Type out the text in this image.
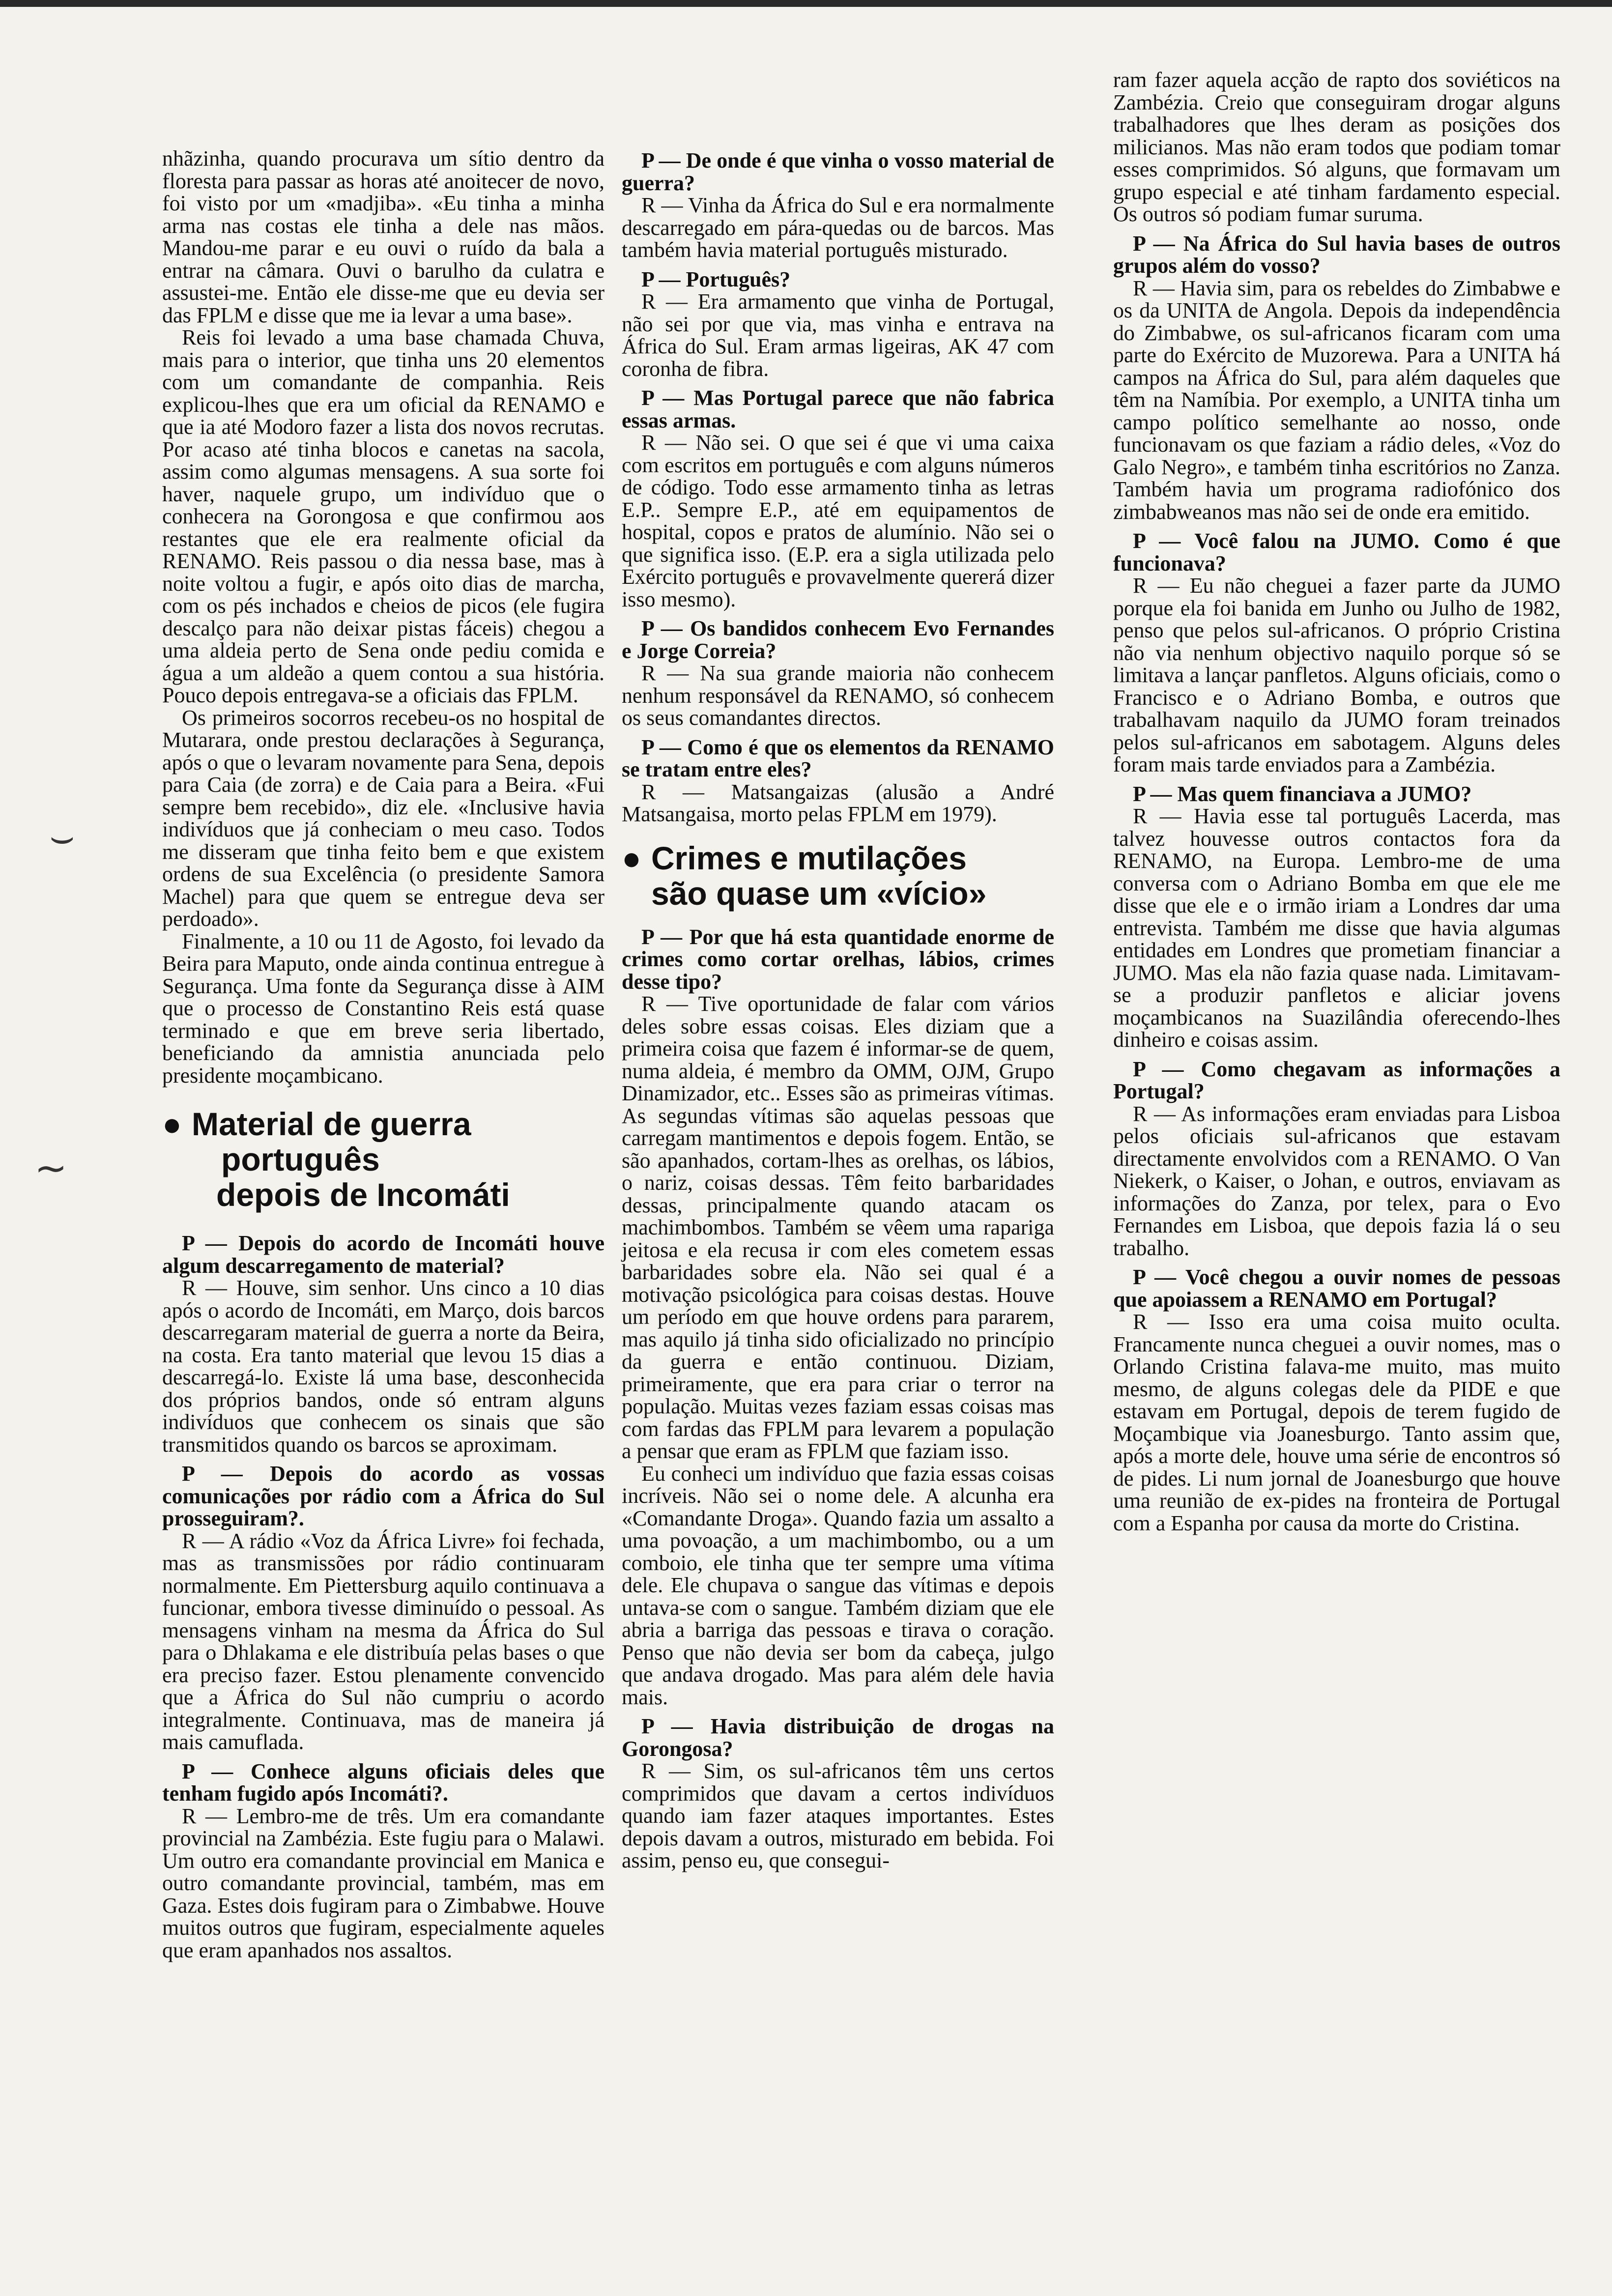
nhãzinha, quando procurava um sítio dentro da floresta para passar as horas até anoitecer de novo, foi visto por um «madjiba». «Eu tinha a minha arma nas costas ele tinha a dele nas mãos. Mandou-me parar e eu ouvi o ruído da bala a entrar na câmara. Ouvi o barulho da culatra e assustei-me. Então ele disse-me que eu devia ser das FPLM e disse que me ia levar a uma base».

Reis foi levado a uma base chamada Chuva, mais para o interior, que tinha uns 20 elementos com um comandante de companhia. Reis explicou-lhes que era um oficial da RENAMO e que ia até Modoro fazer a lista dos novos recrutas. Por acaso até tinha blocos e canetas na sacola, assim como algumas mensagens. A sua sorte foi haver, naquele grupo, um indivíduo que o conhecera na Gorongosa e que confirmou aos restantes que ele era realmente oficial da RENAMO. Reis passou o dia nessa base, mas à noite voltou a fugir, e após oito dias de marcha, com os pés inchados e cheios de picos (ele fugira descalço para não deixar pistas fáceis) chegou a uma aldeia perto de Sena onde pediu comida e água a um aldeão a quem contou a sua história. Pouco depois entregava-se a oficiais das FPLM.

Os primeiros socorros recebeu-os no hospital de Mutarara, onde prestou declarações à Segurança, após o que o levaram novamente para Sena, depois para Caia (de zorra) e de Caia para a Beira. «Fui sempre bem recebido», diz ele. «Inclusive havia indivíduos que já conheciam o meu caso. Todos me disseram que tinha feito bem e que existem ordens de sua Excelência (o presidente Samora Machel) para que quem se entregue deva ser perdoado».

Finalmente, a 10 ou 11 de Agosto, foi levado da Beira para Maputo, onde ainda continua entregue à Segurança. Uma fonte da Segurança disse à AIM que o processo de Constantino Reis está quase terminado e que em breve seria libertado, beneficiando da amnistia anunciada pelo presidente moçambicano.

● Material de guerra
português
depois de Incomáti

P — Depois do acordo de Incomáti houve algum descarregamento de material?

R — Houve, sim senhor. Uns cinco a 10 dias após o acordo de Incomáti, em Março, dois barcos descarregaram material de guerra a norte da Beira, na costa. Era tanto material que levou 15 dias a descarregá-lo. Existe lá uma base, desconhecida dos próprios bandos, onde só entram alguns indivíduos que conhecem os sinais que são transmitidos quando os barcos se aproximam.

P — Depois do acordo as vossas comunicações por rádio com a África do Sul prosseguiram?.

R — A rádio «Voz da África Livre» foi fechada, mas as transmissões por rádio continuaram normalmente. Em Piettersburg aquilo continuava a funcionar, embora tivesse diminuído o pessoal. As mensagens vinham na mesma da África do Sul para o Dhlakama e ele distribuía pelas bases o que era preciso fazer. Estou plenamente convencido que a África do Sul não cumpriu o acordo integralmente. Continuava, mas de maneira já mais camuflada.

P — Conhece alguns oficiais deles que tenham fugido após Incomáti?.

R — Lembro-me de três. Um era comandante provincial na Zambézia. Este fugiu para o Malawi. Um outro era comandante provincial em Manica e outro comandante provincial, também, mas em Gaza. Estes dois fugiram para o Zimbabwe. Houve muitos outros que fugiram, especialmente aqueles que eram apanhados nos assaltos.

P — De onde é que vinha o vosso material de guerra?

R — Vinha da África do Sul e era normalmente descarregado em pára-quedas ou de barcos. Mas também havia material português misturado.

P — Português?

R — Era armamento que vinha de Portugal, não sei por que via, mas vinha e entrava na África do Sul. Eram armas ligeiras, AK 47 com coronha de fibra.

P — Mas Portugal parece que não fabrica essas armas.

R — Não sei. O que sei é que vi uma caixa com escritos em português e com alguns números de código. Todo esse armamento tinha as letras E.P.. Sempre E.P., até em equipamentos de hospital, copos e pratos de alumínio. Não sei o que significa isso. (E.P. era a sigla utilizada pelo Exército português e provavelmente quererá dizer isso mesmo).

P — Os bandidos conhecem Evo Fernandes e Jorge Correia?

R — Na sua grande maioria não conhecem nenhum responsável da RENAMO, só conhecem os seus comandantes directos.

P — Como é que os elementos da RENAMO se tratam entre eles?

R — Matsangaizas (alusão a André Matsangaisa, morto pelas FPLM em 1979).

● Crimes e mutilações
são quase um «vício»

P — Por que há esta quantidade enorme de crimes como cortar orelhas, lábios, crimes desse tipo?

R — Tive oportunidade de falar com vários deles sobre essas coisas. Eles diziam que a primeira coisa que fazem é informar-se de quem, numa aldeia, é membro da OMM, OJM, Grupo Dinamizador, etc.. Esses são as primeiras vítimas. As segundas vítimas são aquelas pessoas que carregam mantimentos e depois fogem. Então, se são apanhados, cortam-lhes as orelhas, os lábios, o nariz, coisas dessas. Têm feito barbaridades dessas, principalmente quando atacam os machimbombos. Também se vêem uma rapariga jeitosa e ela recusa ir com eles cometem essas barbaridades sobre ela. Não sei qual é a motivação psicológica para coisas destas. Houve um período em que houve ordens para pararem, mas aquilo já tinha sido oficializado no princípio da guerra e então continuou. Diziam, primeiramente, que era para criar o terror na população. Muitas vezes faziam essas coisas mas com fardas das FPLM para levarem a população a pensar que eram as FPLM que faziam isso.

Eu conheci um indivíduo que fazia essas coisas incríveis. Não sei o nome dele. A alcunha era «Comandante Droga». Quando fazia um assalto a uma povoação, a um machimbombo, ou a um comboio, ele tinha que ter sempre uma vítima dele. Ele chupava o sangue das vítimas e depois untava-se com o sangue. Também diziam que ele abria a barriga das pessoas e tirava o coração. Penso que não devia ser bom da cabeça, julgo que andava drogado. Mas para além dele havia mais.

P — Havia distribuição de drogas na Gorongosa?

R — Sim, os sul-africanos têm uns certos comprimidos que davam a certos indivíduos quando iam fazer ataques importantes. Estes depois davam a outros, misturado em bebida. Foi assim, penso eu, que consegui-

ram fazer aquela acção de rapto dos soviéticos na Zambézia. Creio que conseguiram drogar alguns trabalhadores que lhes deram as posições dos milicianos. Mas não eram todos que podiam tomar esses comprimidos. Só alguns, que formavam um grupo especial e até tinham fardamento especial. Os outros só podiam fumar suruma.

P — Na África do Sul havia bases de outros grupos além do vosso?

R — Havia sim, para os rebeldes do Zimbabwe e os da UNITA de Angola. Depois da independência do Zimbabwe, os sul-africanos ficaram com uma parte do Exército de Muzorewa. Para a UNITA há campos na África do Sul, para além daqueles que têm na Namíbia. Por exemplo, a UNITA tinha um campo político semelhante ao nosso, onde funcionavam os que faziam a rádio deles, «Voz do Galo Negro», e também tinha escritórios no Zanza. Também havia um programa radiofónico dos zimbabweanos mas não sei de onde era emitido.

P — Você falou na JUMO. Como é que funcionava?

R — Eu não cheguei a fazer parte da JUMO porque ela foi banida em Junho ou Julho de 1982, penso que pelos sul-africanos. O próprio Cristina não via nenhum objectivo naquilo porque só se limitava a lançar panfletos. Alguns oficiais, como o Francisco e o Adriano Bomba, e outros que trabalhavam naquilo da JUMO foram treinados pelos sul-africanos em sabotagem. Alguns deles foram mais tarde enviados para a Zambézia.

P — Mas quem financiava a JUMO?

R — Havia esse tal português Lacerda, mas talvez houvesse outros contactos fora da RENAMO, na Europa. Lembro-me de uma conversa com o Adriano Bomba em que ele me disse que ele e o irmão iriam a Londres dar uma entrevista. Também me disse que havia algumas entidades em Londres que prometiam financiar a JUMO. Mas ela não fazia quase nada. Limitavam-se a produzir panfletos e aliciar jovens moçambicanos na Suazilândia oferecendo-lhes dinheiro e coisas assim.

P — Como chegavam as informações a Portugal?

R — As informações eram enviadas para Lisboa pelos oficiais sul-africanos que estavam directamente envolvidos com a RENAMO. O Van Niekerk, o Kaiser, o Johan, e outros, enviavam as informações do Zanza, por telex, para o Evo Fernandes em Lisboa, que depois fazia lá o seu trabalho.

P — Você chegou a ouvir nomes de pessoas que apoiassem a RENAMO em Portugal?

R — Isso era uma coisa muito oculta. Francamente nunca cheguei a ouvir nomes, mas o Orlando Cristina falava-me muito, mas muito mesmo, de alguns colegas dele da PIDE e que estavam em Portugal, depois de terem fugido de Moçambique via Joanesburgo. Tanto assim que, após a morte dele, houve uma série de encontros só de pides. Li num jornal de Joanesburgo que houve uma reunião de ex-pides na fronteira de Portugal com a Espanha por causa da morte do Cristina.

⌣
∼
